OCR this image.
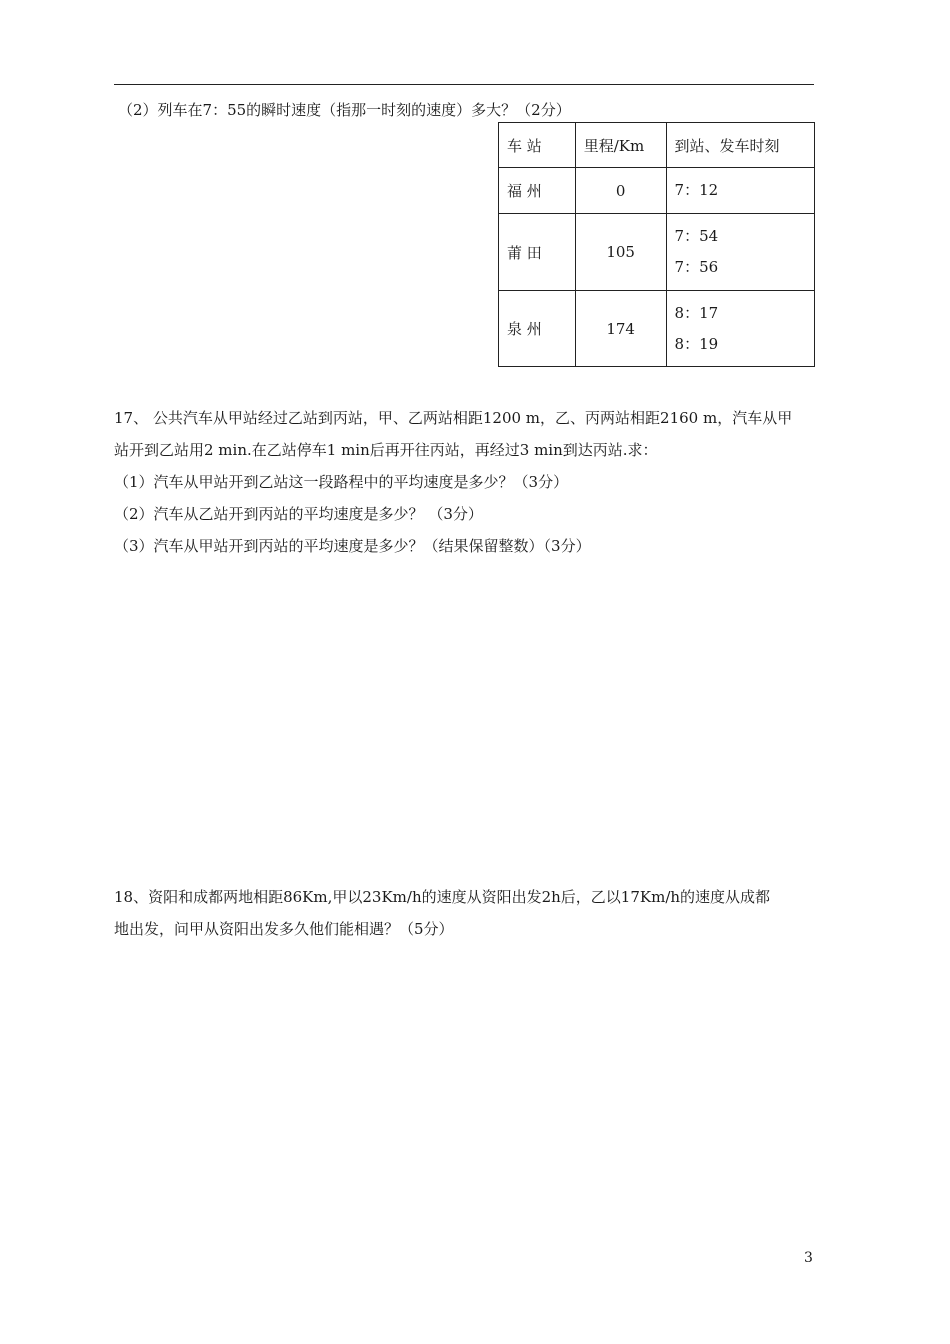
（2）列车在7：55的瞬时速度（指那一时刻的速度）多大？（2分）
车 站	里程/Km	到站、发车时刻
福 州	0	7：12

莆 田	105	7：54
7：56

泉 州	174	8：17
8：19
17、 公共汽车从甲站经过乙站到丙站，甲、乙两站相距1200 m，乙、丙两站相距2160 m，汽车从甲
站开到乙站用2 min.在乙站停车1 min后再开往丙站，再经过3 min到达丙站.求：
（1）汽车从甲站开到乙站这一段路程中的平均速度是多少？（3分）
（2）汽车从乙站开到丙站的平均速度是多少？ （3分）
（3）汽车从甲站开到丙站的平均速度是多少？（结果保留整数）（3分）
18、资阳和成都两地相距86Km,甲以23Km/h的速度从资阳出发2h后，乙以17Km/h的速度从成都
地出发，问甲从资阳出发多久他们能相遇？（5分）
3
